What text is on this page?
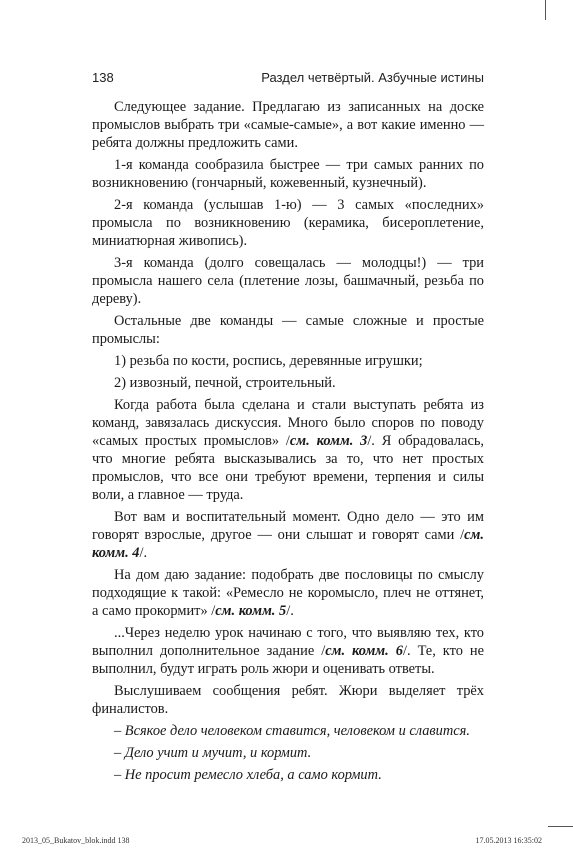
138	Раздел четвёртый. Азбучные истины

Следующее задание. Предлагаю из записанных на доске промыслов выбрать три «самые-самые», а вот какие именно — ребята должны предложить сами.

1-я команда сообразила быстрее — три самых ранних по возникновению (гончарный, кожевенный, кузнечный).

2-я команда (услышав 1-ю) — 3 самых «последних» промысла по возникновению (керамика, бисероплетение, миниатюрная живопись).

3-я команда (долго совещалась — молодцы!) — три промысла нашего села (плетение лозы, башмачный, резьба по дереву).

Остальные две команды — самые сложные и простые промыслы:

1) резьба по кости, роспись, деревянные игрушки;

2) извозный, печной, строительный.

Когда работа была сделана и стали выступать ребята из команд, завязалась дискуссия. Много было споров по поводу «самых простых промыслов» /см. комм. 3/. Я обрадовалась, что многие ребята высказывались за то, что нет простых промыслов, что все они требуют времени, терпения и силы воли, а главное — труда.

Вот вам и воспитательный момент. Одно дело — это им говорят взрослые, другое — они слышат и говорят сами /см. комм. 4/.

На дом даю задание: подобрать две пословицы по смыслу подходящие к такой: «Ремесло не коромысло, плеч не оттянет, а само прокормит» /см. комм. 5/.

...Через неделю урок начинаю с того, что выявляю тех, кто выполнил дополнительное задание /см. комм. 6/. Те, кто не выполнил, будут играть роль жюри и оценивать ответы.

Выслушиваем сообщения ребят. Жюри выделяет трёх финалистов.

– Всякое дело человеком ставится, человеком и славится.

– Дело учит и мучит, и кормит.

– Не просит ремесло хлеба, а само кормит.

2013_05_Bukatov_blok.indd 138	17.05.2013 16:35:02
